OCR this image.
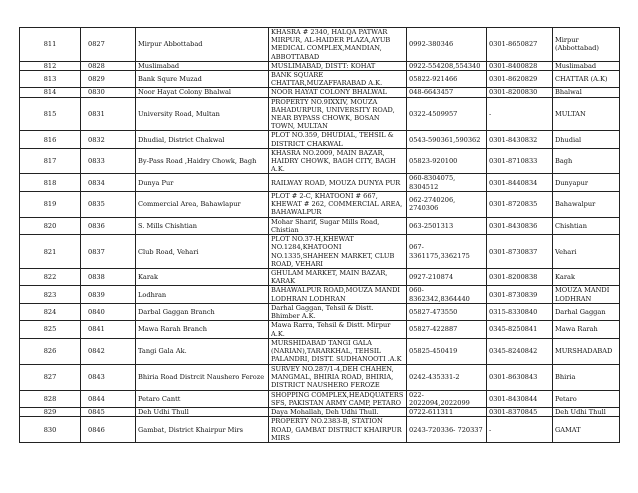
811	0827	Mirpur Abbottabad	KHASRA # 2340, HALQA PATWAR MIRPUR, AL-HAIDER PLAZA,AYUB MEDICAL COMPLEX,MANDIAN, ABBOTTABAD	0992-380346	0301-8650827	Mirpur (Abbottabad)
812	0828	Muslimabad	MUSLIMABAD, DISTT: KOHAT	0922-554208,554340	0301-8400828	Muslimabad
813	0829	Bank Squre Muzad	BANK SQUARE CHATTAR,MUZAFFARABAD A.K.	05822-921466	0301-8620829	CHATTAR (A.K)
814	0830	Noor Hayat Colony Bhalwal	NOOR HAYAT COLONY BHALWAL	048-6643457	0301-8200830	Bhalwal
815	0831	University Road, Multan	PROPERTY NO.9IXXIV, MOUZA BAHADURPUR, UNIVERSITY ROAD, NEAR BYPASS CHOWK, BOSAN TOWN, MULTAN	0322-4509957	-	MULTAN
816	0832	Dhudial, District Chakwal	PLOT NO.359, DHUDIAL, TEHSIL & DISTRICT CHAKWAL	0543-590361,590362	0301-8430832	Dhudial
817	0833	By-Pass Road ,Haidry Chowk, Bagh	KHASRA NO.2009, MAIN BAZAR, HAIDRY CHOWK, BAGH CITY, BAGH A.K.	05823-920100	0301-8710833	Bagh
818	0834	Dunya Pur	RAILWAY ROAD, MOUZA DUNYA PUR	060-8304075, 8304512	0301-8440834	Dunyapur
819	0835	Commercial Area, Bahawlapur	PLOT # 2-C, KHATOONI # 667, KHEWAT # 262, COMMERCIAL AREA, BAHAWALPUR	062-2740206, 2740306	0301-8720835	Bahawalpur
820	0836	S. Mills Chishtian	Mohar Sharif, Sugar Mills Road, Chistian	063-2501313	0301-8430836	Chishtian
821	0837	Club Road, Vehari	PLOT NO.37-H,KHEWAT NO.1284,KHATOONI NO.1335,SHAHEEN MARKET, CLUB ROAD, VEHARI	067-3361175,3362175	0301-8730837	Vehari
822	0838	Karak	GHULAM MARKET, MAIN BAZAR, KARAK	0927-210874	0301-8200838	Karak
823	0839	Lodhran	BAHAWALPUR ROAD,MOUZA MANDI LODHRAN LODHRAN	060-8362342,8364440	0301-8730839	MOUZA MANDI LODHRAN
824	0840	Darbal Gaggan Branch	Darhal Gaggan, Tehsil & Distt. Bhimber A.K.	05827-473550	0315-8330840	Darhal Gaggan
825	0841	Mawa Rarah Branch	Mawa Rarra, Tehsil & Distt. Mirpur A.K.	05827-422887	0345-8250841	Mawa Rarah
826	0842	Tangi Gala Ak.	MURSHIDABAD TANGI GALA (NARIAN),TARARKHAL, TEHSIL PALANDRI, DISTT. SUDHANOOTI .A.K	05825-450419	0345-8240842	MURSHADABAD
827	0843	Bhiria Road Distrcit Naushero Feroze	SURVEY NO.287/1-4,DEH CHAHEN, MANGMAL, BHIRIA ROAD, BHIRIA, DISTRICT NAUSHERO FEROZE	0242-435331-2	0301-8630843	Bhiria
828	0844	Petaro Cantt	SHOPPING COMPLEX,HEADQUATERS SFS, PAKISTAN ARMY CAMP, PETARO	022-2022094,2022099	0301-8430844	Petaro
829	0845	Deh Udhi Thull	Daya Mohallah, Deh Udhi Thull.	0722-611311	0301-8370845	Deh Udhi Thull
830	0846	Gambat, District Khairpur Mirs	PROPERTY NO.2383-B, STATION ROAD, GAMBAT DISTRICT KHAIRPUR MIRS	0243-720336- 720337	-	GAMAT
